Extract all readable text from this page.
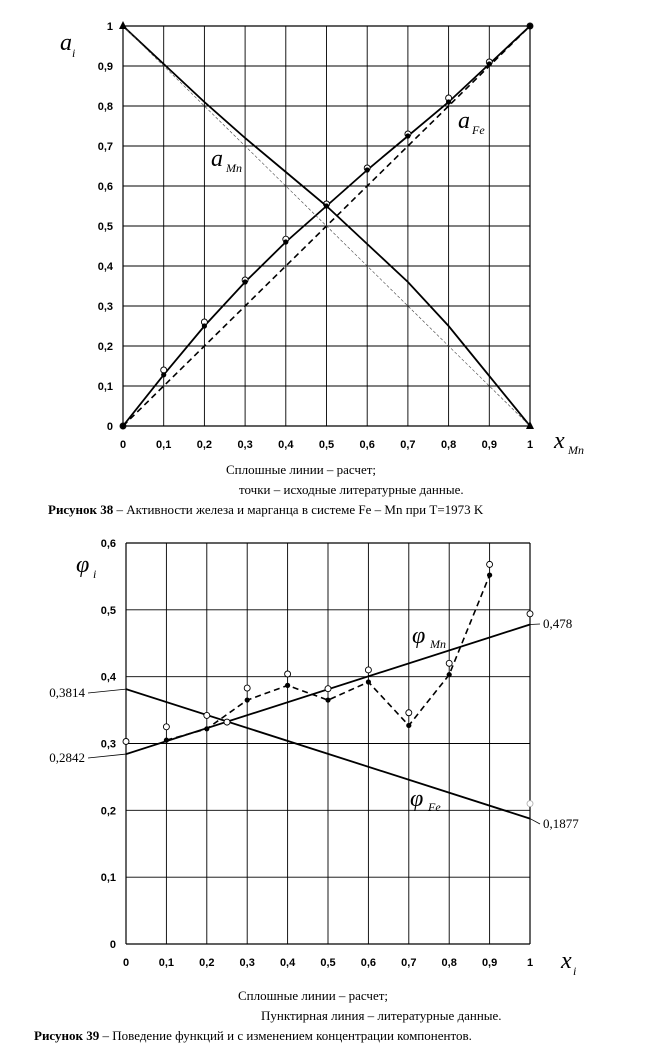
0	0,1 0,2 0,3 0,4 0,5 0,6 0,7 0,8 0,9	1
0
0,1
0,2
0,3
0,4
0,5
0,6
0,7
0,8
0,9
1
a i
x Mn
a Mn
a Fe
Сплошные линии – расчет;
точки – исходные литературные данные.
Рисунок 38 – Активности железа и марганца в системе Fe – Mn при T=1973 K
0	0,1 0,2 0,3 0,4 0,5 0,6 0,7 0,8 0,9	1
0
0,1
0,2
0,3
0,4
0,5
0,6
0,3814
0,2842
0,478
0,1877
φ i
x i
φ Mn
φ Fe
Сплошные линии – расчет;
Пунктирная линия – литературные данные.
Рисунок 39 – Поведение функций и с изменением концентрации компонентов.
